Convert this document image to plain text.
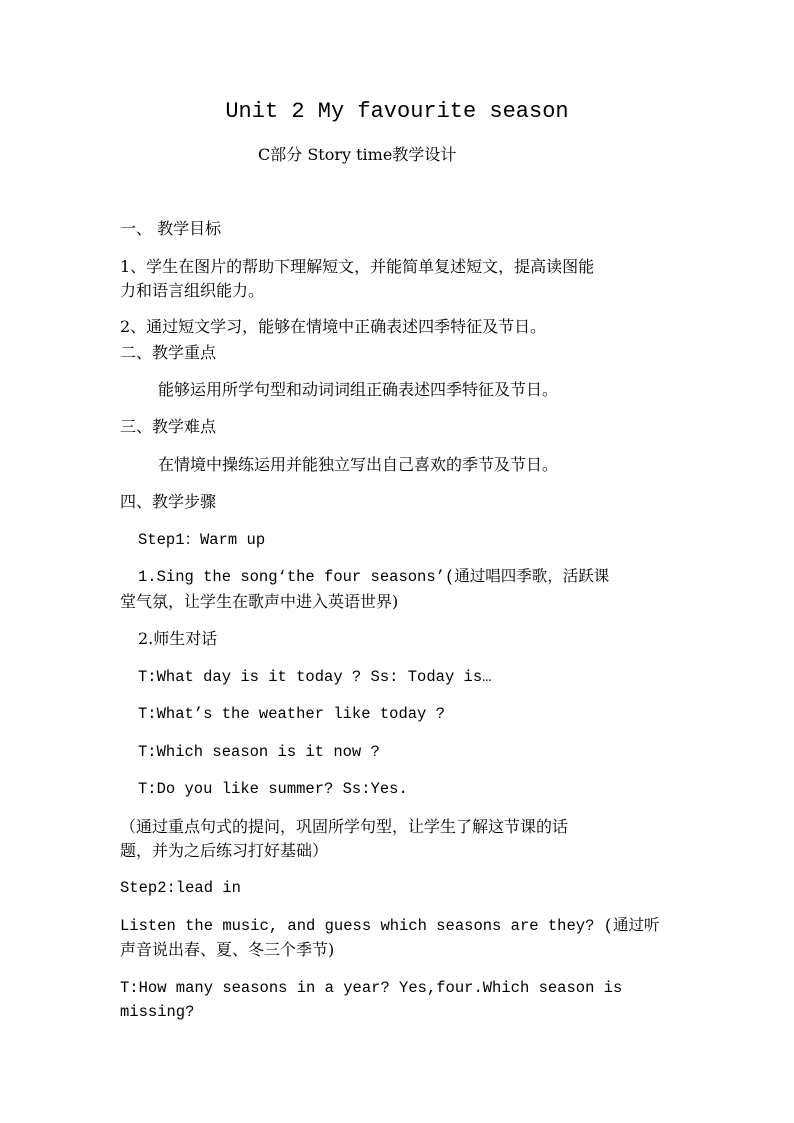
Unit 2 My favourite season
C部分 Story time教学设计
一、 教学目标
1、学生在图片的帮助下理解短文，并能简单复述短文，提高读图能
力和语言组织能力。
2、通过短文学习，能够在情境中正确表述四季特征及节日。
二、教学重点
能够运用所学句型和动词词组正确表述四季特征及节日。
三、教学难点
在情境中操练运用并能独立写出自己喜欢的季节及节日。
四、教学步骤
Step1：Warm up
1.Sing the song‘the four seasons’(通过唱四季歌，活跃课
堂气氛，让学生在歌声中进入英语世界)
2.师生对话
T:What day is it today ? Ss: Today is…
T:What’s the weather like today ?
T:Which season is it now ?
T:Do you like summer? Ss:Yes.
（通过重点句式的提问，巩固所学句型，让学生了解这节课的话
题，并为之后练习打好基础）
Step2:lead in
Listen the music, and guess which seasons are they? (通过听
声音说出春、夏、冬三个季节)
T:How many seasons in a year? Yes,four.Which season is
missing?
